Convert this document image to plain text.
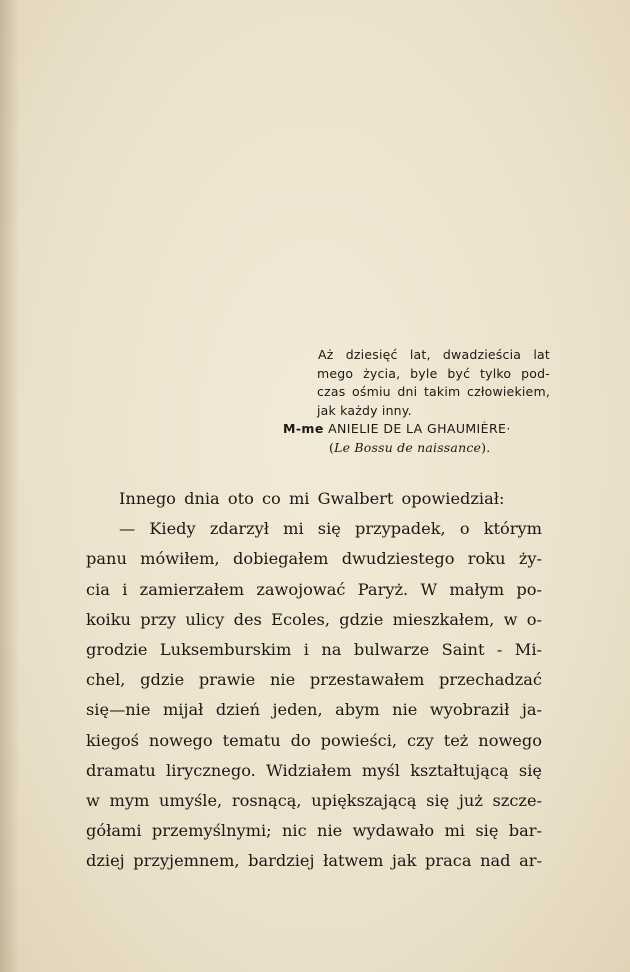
Aż dziesięć lat, dwadzieścia lat
mego życia, byle być tylko pod-
czas ośmiu dni takim człowiekiem,
jak każdy inny.
M-me ANIELIE DE LA GHAUMIÈRE·
(Le Bossu de naissance).
Innego dnia oto co mi Gwalbert opowiedział:
— Kiedy zdarzył mi się przypadek, o którym
panu mówiłem, dobiegałem dwudziestego roku ży-
cia i zamierzałem zawojować Paryż. W małym po-
koiku przy ulicy des Ecoles, gdzie mieszkałem, w o-
grodzie Luksemburskim i na bulwarze Saint - Mi-
chel, gdzie prawie nie przestawałem przechadzać
się—nie mijał dzień jeden, abym nie wyobraził ja-
kiegoś nowego tematu do powieści, czy też nowego
dramatu lirycznego. Widziałem myśl kształtującą się
w mym umyśle, rosnącą, upiększającą się już szcze-
gółami przemyślnymi; nic nie wydawało mi się bar-
dziej przyjemnem, bardziej łatwem jak praca nad ar-
